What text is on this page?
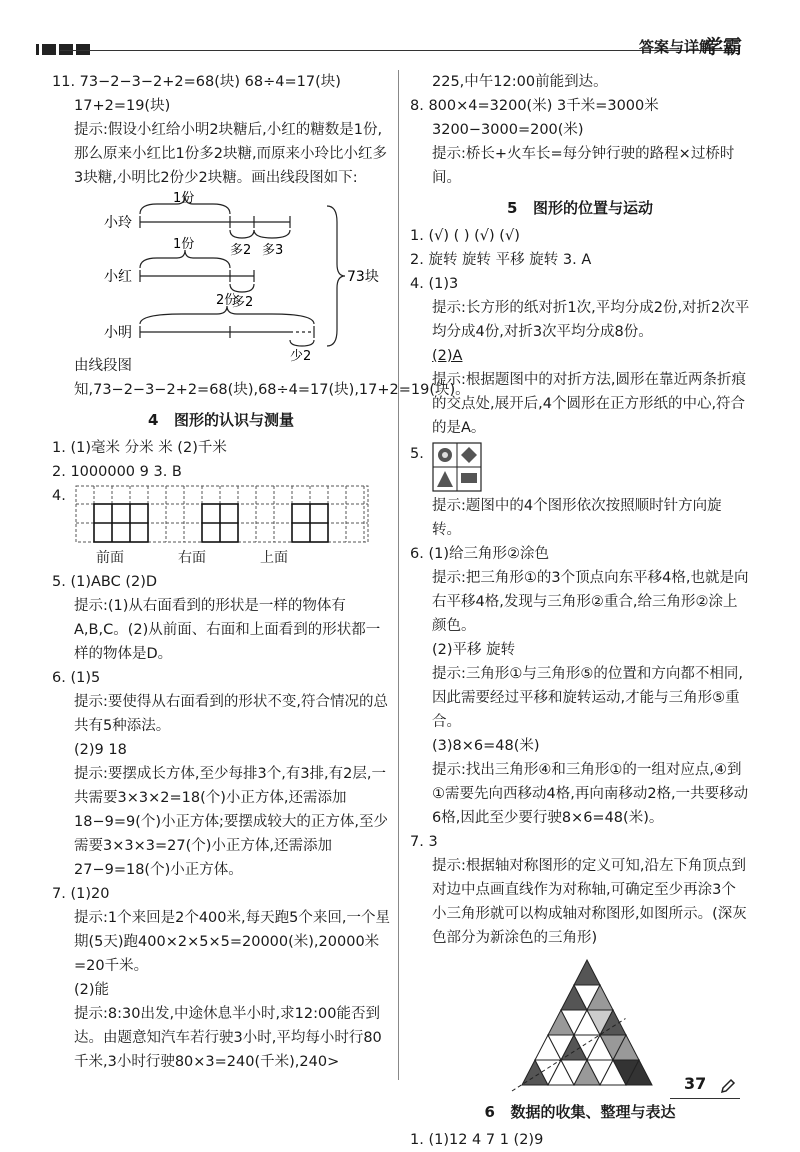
答案与详解
学霸

11. 73−2−3−2+2=68(块) 68÷4=17(块)

17+2=19(块)

提示:假设小红给小明2块糖后,小红的糖数是1份,那么原来小红比1份多2块糖,而原来小玲比小红多3块糖,小明比2份少2块糖。画出线段图如下:

小玲
小红
小明
1份
多2 多3
1份
多2
2份
少2
73块

由线段图知,73−2−3−2+2=68(块),68÷4=17(块),17+2=19(块)。

4 图形的认识与测量

1. (1)毫米 分米 米 (2)千米

2. 1000000 9 3. B

4.
前面	右面	上面

5. (1)ABC (2)D

提示:(1)从右面看到的形状是一样的物体有A,B,C。(2)从前面、右面和上面看到的形状都一样的物体是D。

6. (1)5

提示:要使得从右面看到的形状不变,符合情况的总共有5种添法。

(2)9 18

提示:要摆成长方体,至少每排3个,有3排,有2层,一共需要3×3×2=18(个)小正方体,还需添加18−9=9(个)小正方体;要摆成较大的正方体,至少需要3×3×3=27(个)小正方体,还需添加27−9=18(个)小正方体。

7. (1)20

提示:1个来回是2个400米,每天跑5个来回,一个星期(5天)跑400×2×5×5=20000(米),20000米=20千米。

(2)能

提示:8:30出发,中途休息半小时,求12:00能否到达。由题意知汽车若行驶3小时,平均每小时行80千米,3小时行驶80×3=240(千米),240>

225,中午12:00前能到达。

8. 800×4=3200(米) 3千米=3000米

3200−3000=200(米)

提示:桥长+火车长=每分钟行驶的路程×过桥时间。

5 图形的位置与运动

1. (√) ( ) (√) (√)

2. 旋转 旋转 平移 旋转 3. A

4. (1)3

提示:长方形的纸对折1次,平均分成2份,对折2次平均分成4份,对折3次平均分成8份。

(2)A

提示:根据题图中的对折方法,圆形在靠近两条折痕的交点处,展开后,4个圆形在正方形纸的中心,符合的是A。

5.

提示:题图中的4个图形依次按照顺时针方向旋转。

6. (1)给三角形②涂色

提示:把三角形①的3个顶点向东平移4格,也就是向右平移4格,发现与三角形②重合,给三角形②涂上颜色。

(2)平移 旋转

提示:三角形①与三角形⑤的位置和方向都不相同,因此需要经过平移和旋转运动,才能与三角形⑤重合。

(3)8×6=48(米)

提示:找出三角形④和三角形①的一组对应点,④到①需要先向西移动4格,再向南移动2格,一共要移动6格,因此至少要行驶8×6=48(米)。

7. 3

提示:根据轴对称图形的定义可知,沿左下角顶点到对边中点画直线作为对称轴,可确定至少再涂3个小三角形就可以构成轴对称图形,如图所示。(深灰色部分为新涂色的三角形)

6 数据的收集、整理与表达

1. (1)12 4 7 1 (2)9

37
